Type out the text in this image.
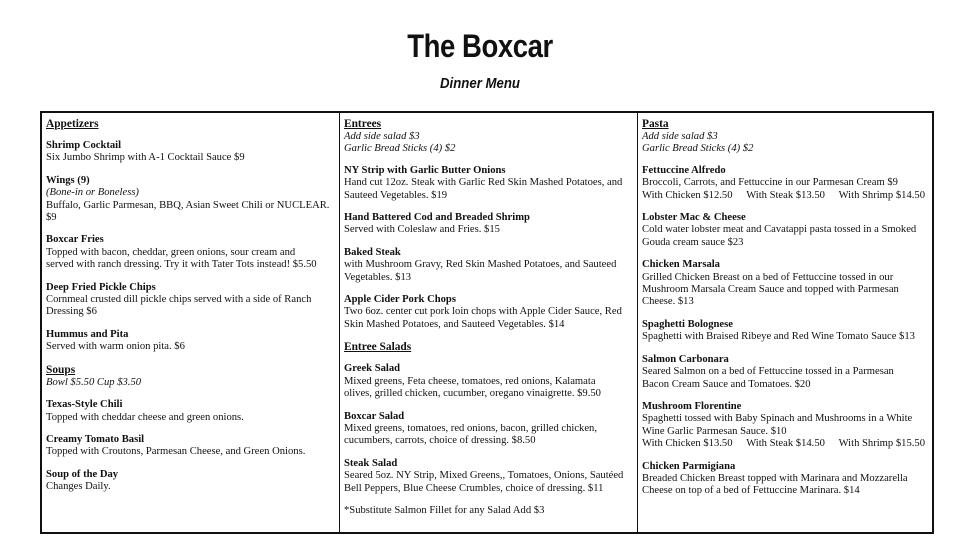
The Boxcar
Dinner Menu
Appetizers
Shrimp Cocktail
Six Jumbo Shrimp with A-1 Cocktail Sauce $9
Wings (9)
(Bone-in or Boneless)
Buffalo, Garlic Parmesan, BBQ, Asian Sweet Chili or NUCLEAR.
$9
Boxcar Fries
Topped with bacon, cheddar, green onions, sour cream and
served with ranch dressing. Try it with Tater Tots instead! $5.50
Deep Fried Pickle Chips
Cornmeal crusted dill pickle chips served with a side of Ranch
Dressing $6
Hummus and Pita
Served with warm onion pita. $6
Soups
Bowl $5.50 Cup $3.50
Texas-Style Chili
Topped with cheddar cheese and green onions.
Creamy Tomato Basil
Topped with Croutons, Parmesan Cheese, and Green Onions.
Soup of the Day
Changes Daily.
Entrees
Add side salad $3
Garlic Bread Sticks (4) $2
NY Strip with Garlic Butter Onions
Hand cut 12oz. Steak with Garlic Red Skin Mashed Potatoes, and
Sauteed Vegetables. $19
Hand Battered Cod and Breaded Shrimp
Served with Coleslaw and Fries. $15
Baked Steak
with Mushroom Gravy, Red Skin Mashed Potatoes, and Sauteed
Vegetables. $13
Apple Cider Pork Chops
Two 6oz. center cut pork loin chops with Apple Cider Sauce, Red
Skin Mashed Potatoes, and Sauteed Vegetables. $14
Entree Salads
Greek Salad
Mixed greens, Feta cheese, tomatoes, red onions, Kalamata
olives, grilled chicken, cucumber, oregano vinaigrette. $9.50
Boxcar Salad
Mixed greens, tomatoes, red onions, bacon, grilled chicken,
cucumbers, carrots, choice of dressing. $8.50
Steak Salad
Seared 5oz. NY Strip, Mixed Greens,, Tomatoes, Onions, Sautéed
Bell Peppers, Blue Cheese Crumbles, choice of dressing. $11
*Substitute Salmon Fillet for any Salad Add $3
Pasta
Add side salad $3
Garlic Bread Sticks (4) $2
Fettuccine Alfredo
Broccoli, Carrots, and Fettuccine in our Parmesan Cream $9
With Chicken $12.50 With Steak $13.50 With Shrimp $14.50
Lobster Mac & Cheese
Cold water lobster meat and Cavatappi pasta tossed in a Smoked
Gouda cream sauce $23
Chicken Marsala
Grilled Chicken Breast on a bed of Fettuccine tossed in our
Mushroom Marsala Cream Sauce and topped with Parmesan
Cheese. $13
Spaghetti Bolognese
Spaghetti with Braised Ribeye and Red Wine Tomato Sauce $13
Salmon Carbonara
Seared Salmon on a bed of Fettuccine tossed in a Parmesan
Bacon Cream Sauce and Tomatoes. $20
Mushroom Florentine
Spaghetti tossed with Baby Spinach and Mushrooms in a White
Wine Garlic Parmesan Sauce. $10
With Chicken $13.50 With Steak $14.50 With Shrimp $15.50
Chicken Parmigiana
Breaded Chicken Breast topped with Marinara and Mozzarella
Cheese on top of a bed of Fettuccine Marinara. $14
